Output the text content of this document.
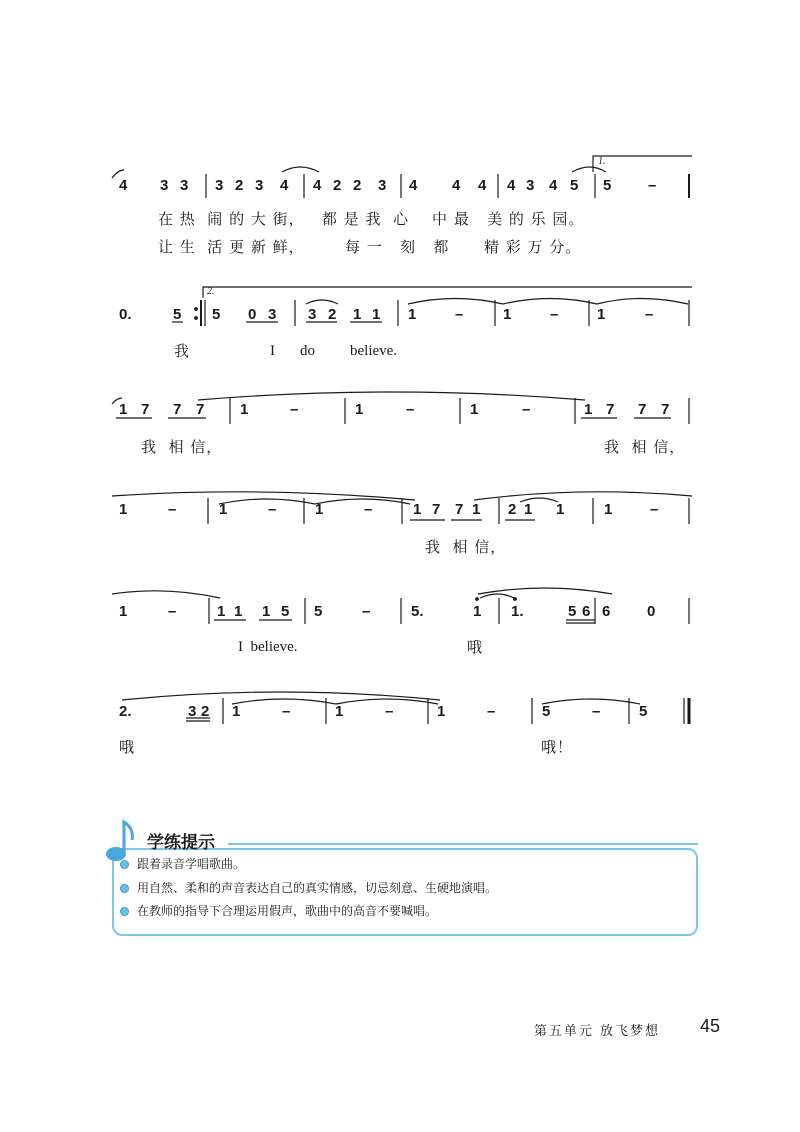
4 3 3 3 2 3 4 4 2 2 3 4 4 4 4 3 4 5 5 –
在 热  闹 的 大 街，   都 是 我  心    中 最   美 的 乐 园。
让 生  活 更 新 鲜，       每 一   刻   都      精 彩 万 分。
0.	5 5 0 3 3 2 1 1 1	–	1	–	1	–
我	I do believe.
1 7 7 7 1	–	1	–	1	–	1 7 7 7
我  相 信，	我  相 信，
1	–	1	–	1	–	1 7 7 1 2 1 1	1	–
我  相 信，
1	–	1 1 1 5 5	–	5.	1 1.	5 6 6 0
I  believe.	哦
2.	3 2 1	–	1	–	1	–	5	–	5
哦	哦！
1.
2.
学练提示
跟着录音学唱歌曲。
用自然、柔和的声音表达自己的真实情感，切忌刻意、生硬地演唱。
在教师的指导下合理运用假声，歌曲中的高音不要喊唱。
第五单元 放飞梦想 45
